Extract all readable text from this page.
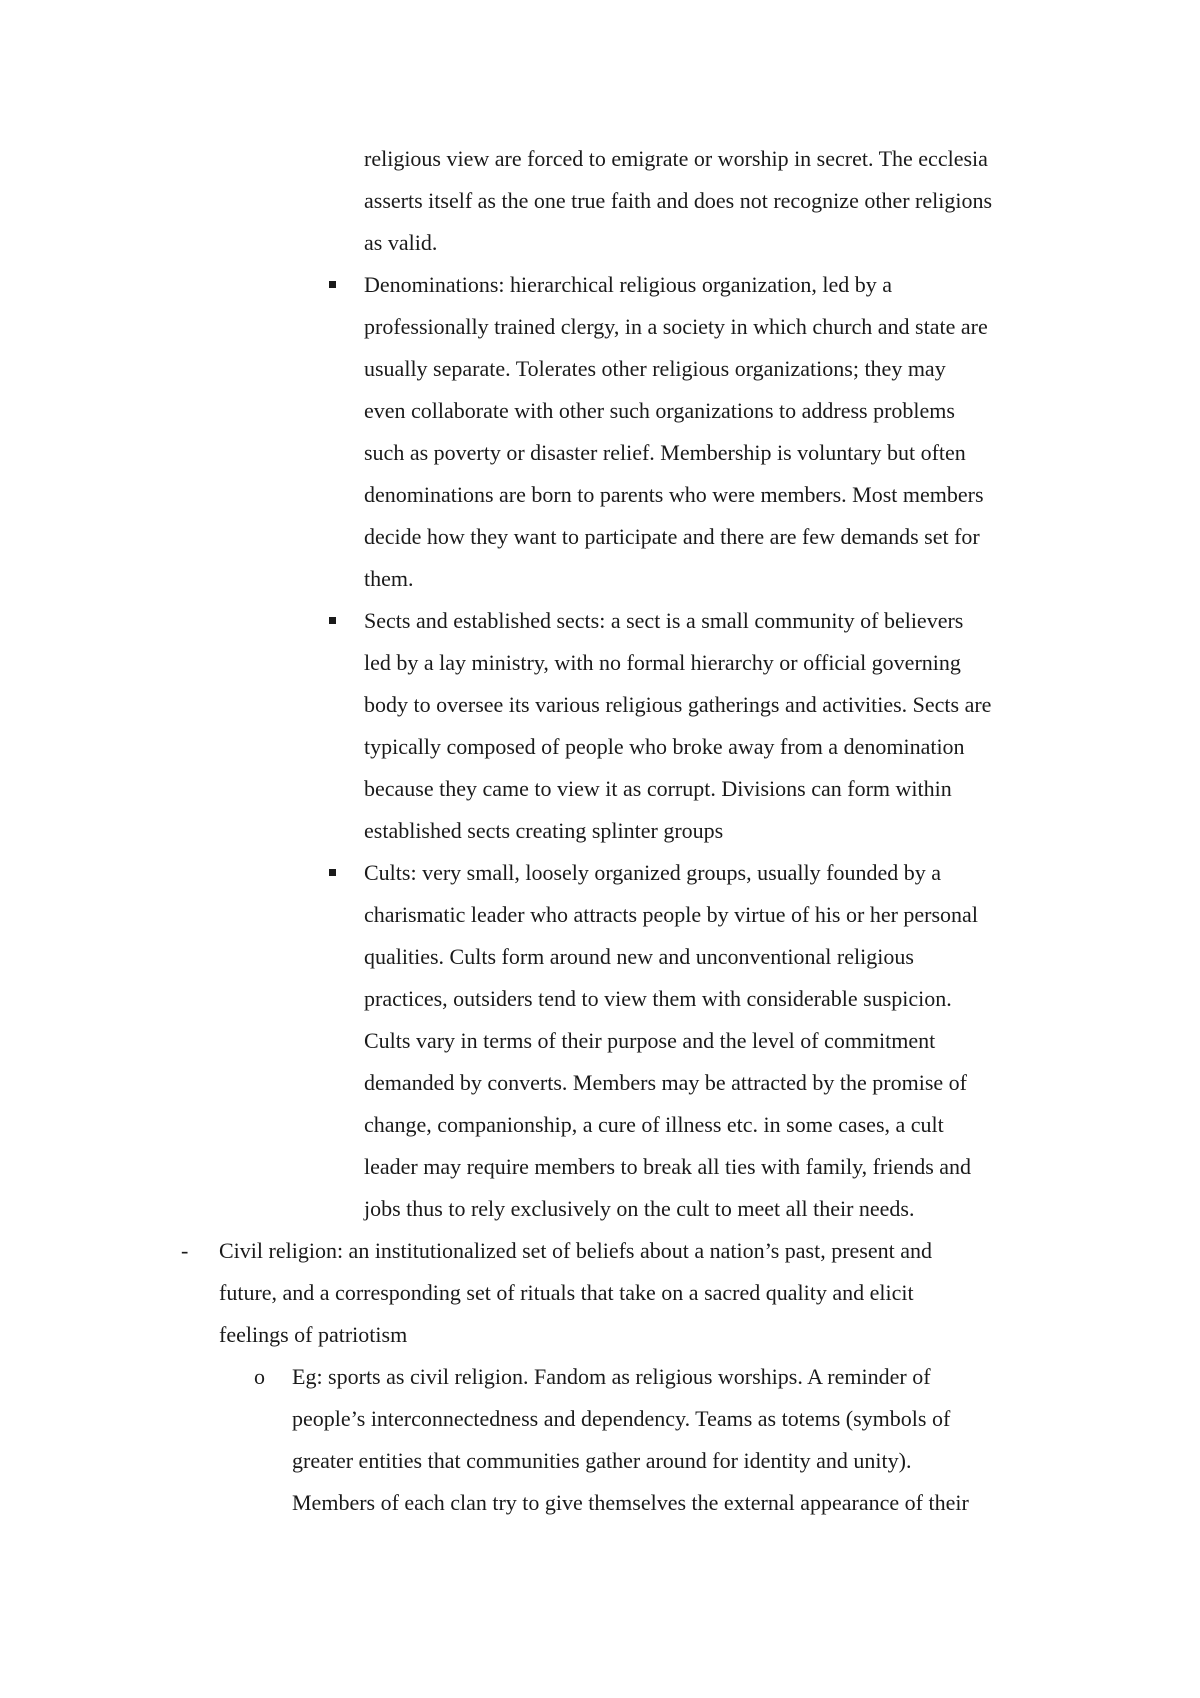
religious view are forced to emigrate or worship in secret. The ecclesia

asserts itself as the one true faith and does not recognize other religions

as valid.

Denominations: hierarchical religious organization, led by a

professionally trained clergy, in a society in which church and state are

usually separate. Tolerates other religious organizations; they may

even collaborate with other such organizations to address problems

such as poverty or disaster relief. Membership is voluntary but often

denominations are born to parents who were members. Most members

decide how they want to participate and there are few demands set for

them.

Sects and established sects: a sect is a small community of believers

led by a lay ministry, with no formal hierarchy or official governing

body to oversee its various religious gatherings and activities. Sects are

typically composed of people who broke away from a denomination

because they came to view it as corrupt. Divisions can form within

established sects creating splinter groups

Cults: very small, loosely organized groups, usually founded by a

charismatic leader who attracts people by virtue of his or her personal

qualities. Cults form around new and unconventional religious

practices, outsiders tend to view them with considerable suspicion.

Cults vary in terms of their purpose and the level of commitment

demanded by converts. Members may be attracted by the promise of

change, companionship, a cure of illness etc. in some cases, a cult

leader may require members to break all ties with family, friends and

jobs thus to rely exclusively on the cult to meet all their needs.

- Civil religion: an institutionalized set of beliefs about a nation’s past, present and

future, and a corresponding set of rituals that take on a sacred quality and elicit

feelings of patriotism

o Eg: sports as civil religion. Fandom as religious worships. A reminder of

people’s interconnectedness and dependency. Teams as totems (symbols of

greater entities that communities gather around for identity and unity).

Members of each clan try to give themselves the external appearance of their
